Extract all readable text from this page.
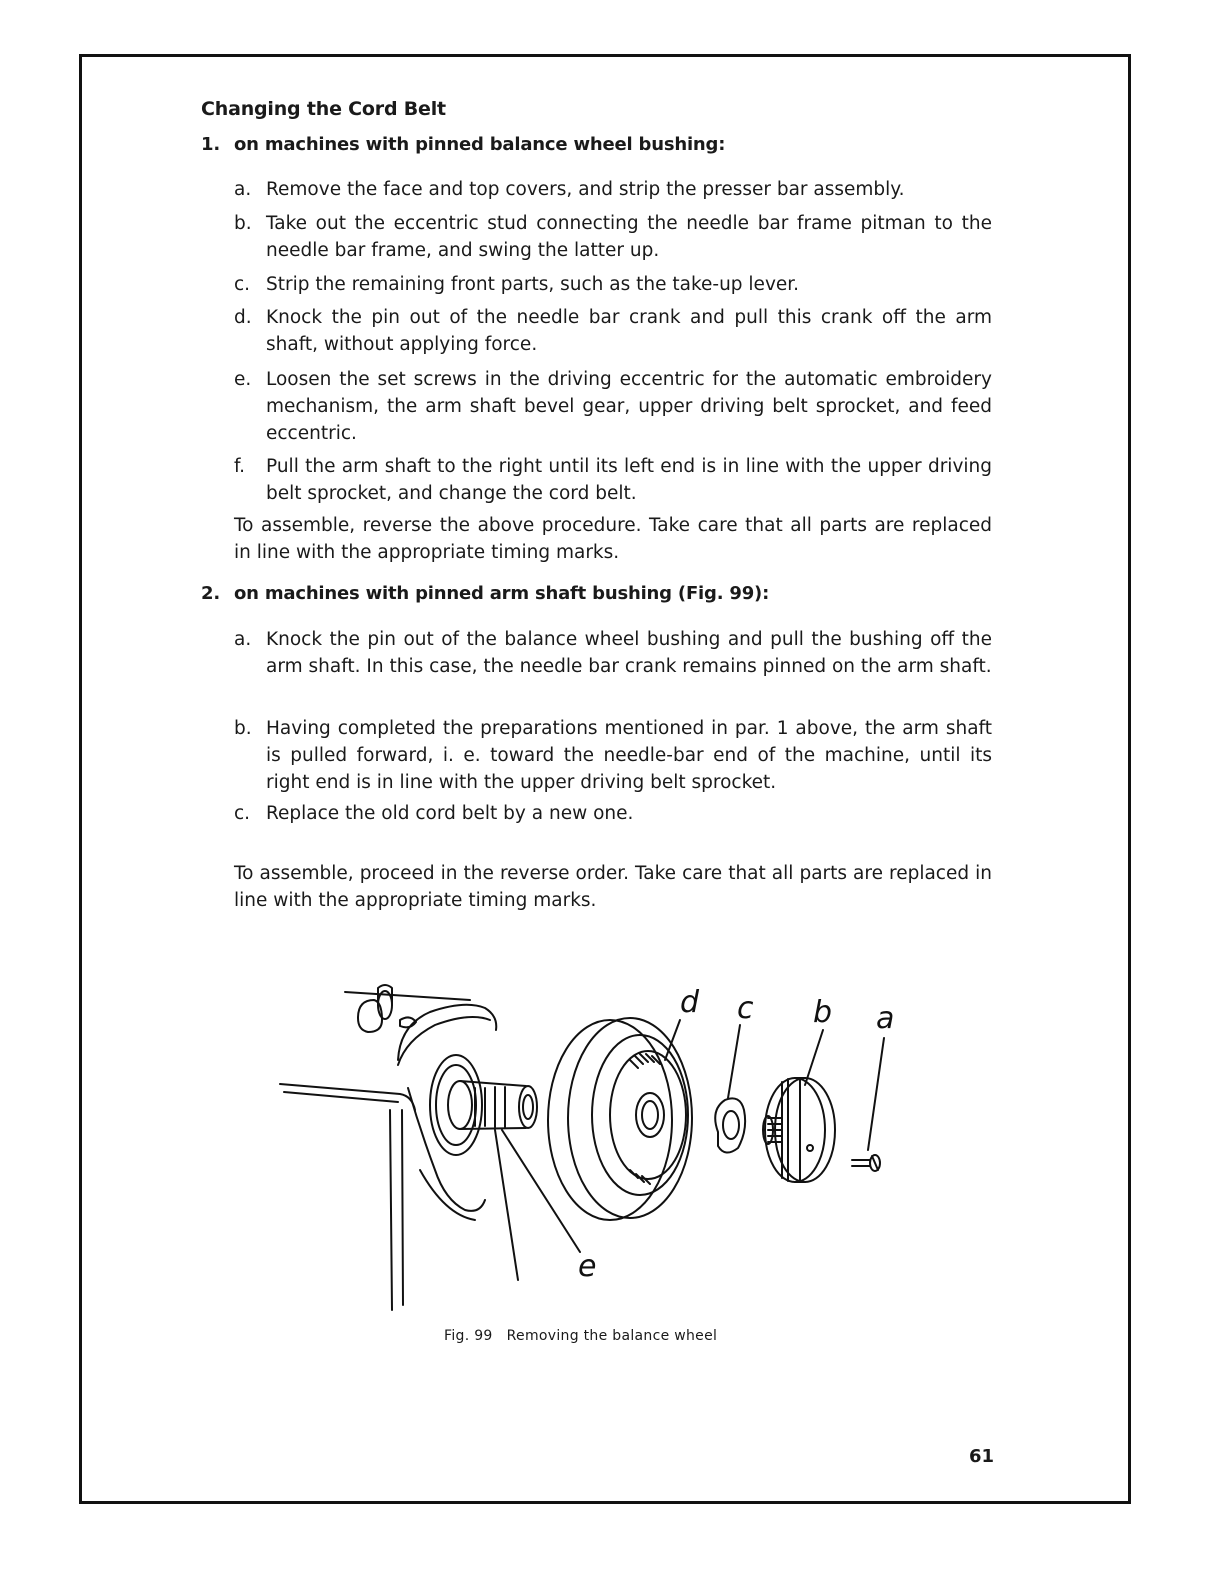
Changing the Cord Belt
1. on machines with pinned balance wheel bushing:
a. Remove the face and top covers, and strip the presser bar assembly.
b. Take out the eccentric stud connecting the needle bar frame pitman to the needle bar frame, and swing the latter up.
c. Strip the remaining front parts, such as the take-up lever.
d. Knock the pin out of the needle bar crank and pull this crank off the arm shaft, without applying force.
e. Loosen the set screws in the driving eccentric for the automatic embroidery mechanism, the arm shaft bevel gear, upper driving belt sprocket, and feed eccentric.
f. Pull the arm shaft to the right until its left end is in line with the upper driving belt sprocket, and change the cord belt.
To assemble, reverse the above procedure. Take care that all parts are replaced in line with the appropriate timing marks.
2. on machines with pinned arm shaft bushing (Fig. 99):
a. Knock the pin out of the balance wheel bushing and pull the bushing off the arm shaft. In this case, the needle bar crank remains pinned on the arm shaft.
b. Having completed the preparations mentioned in par. 1 above, the arm shaft is pulled forward, i. e. toward the needle-bar end of the machine, until its right end is in line with the upper driving belt sprocket.
c. Replace the old cord belt by a new one.
To assemble, proceed in the reverse order. Take care that all parts are replaced in line with the appropriate timing marks.
d c b a
e
Fig. 99 Removing the balance wheel
61
